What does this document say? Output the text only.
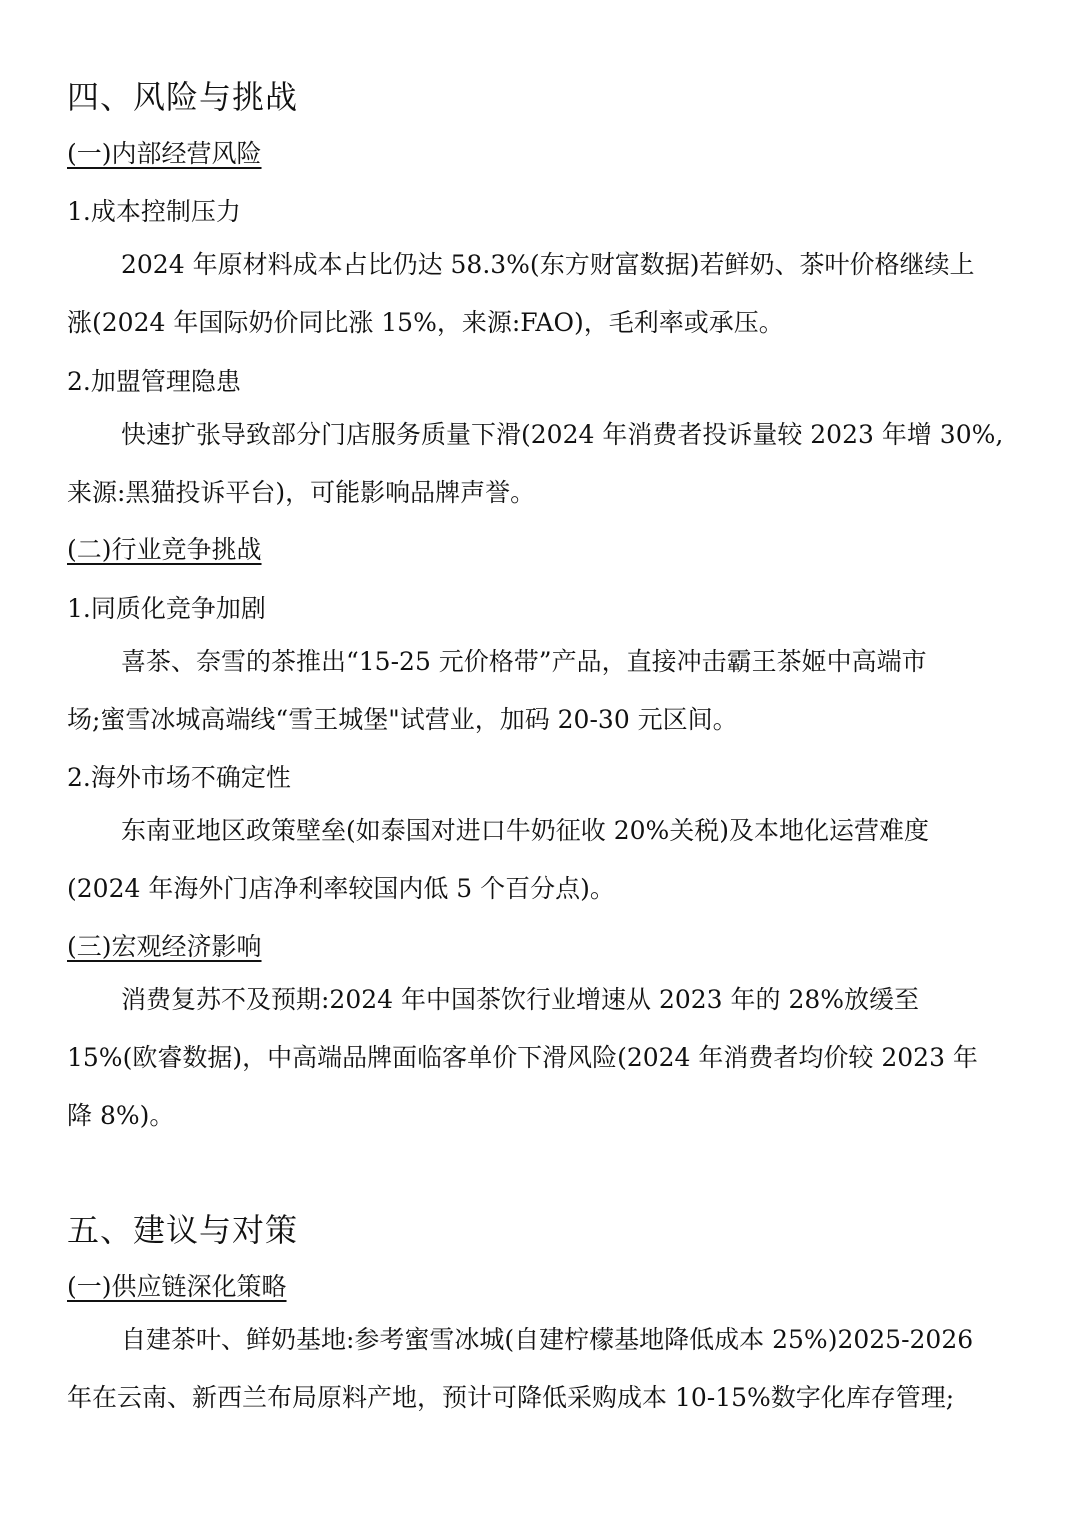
四、风险与挑战
(一)内部经营风险
1.成本控制压力
2024 年原材料成本占比仍达 58.3%(东方财富数据)若鲜奶、茶叶价格继续上
涨(2024 年国际奶价同比涨 15%，来源:FAO)，毛利率或承压。
2.加盟管理隐患
快速扩张导致部分门店服务质量下滑(2024 年消费者投诉量较 2023 年增 30%,
来源:黑猫投诉平台)，可能影响品牌声誉。
(二)行业竞争挑战
1.同质化竞争加剧
喜茶、奈雪的茶推出“15-25 元价格带”产品，直接冲击霸王茶姬中高端市
场;蜜雪冰城高端线“雪王城堡"试营业，加码 20-30 元区间。
2.海外市场不确定性
东南亚地区政策壁垒(如泰国对进口牛奶征收 20%关税)及本地化运营难度
(2024 年海外门店净利率较国内低 5 个百分点)。
(三)宏观经济影响
消费复苏不及预期:2024 年中国茶饮行业增速从 2023 年的 28%放缓至
15%(欧睿数据)，中高端品牌面临客单价下滑风险(2024 年消费者均价较 2023 年
降 8%)。
五、建议与对策
(一)供应链深化策略
自建茶叶、鲜奶基地:参考蜜雪冰城(自建柠檬基地降低成本 25%)2025-2026
年在云南、新西兰布局原料产地，预计可降低采购成本 10-15%数字化库存管理;
